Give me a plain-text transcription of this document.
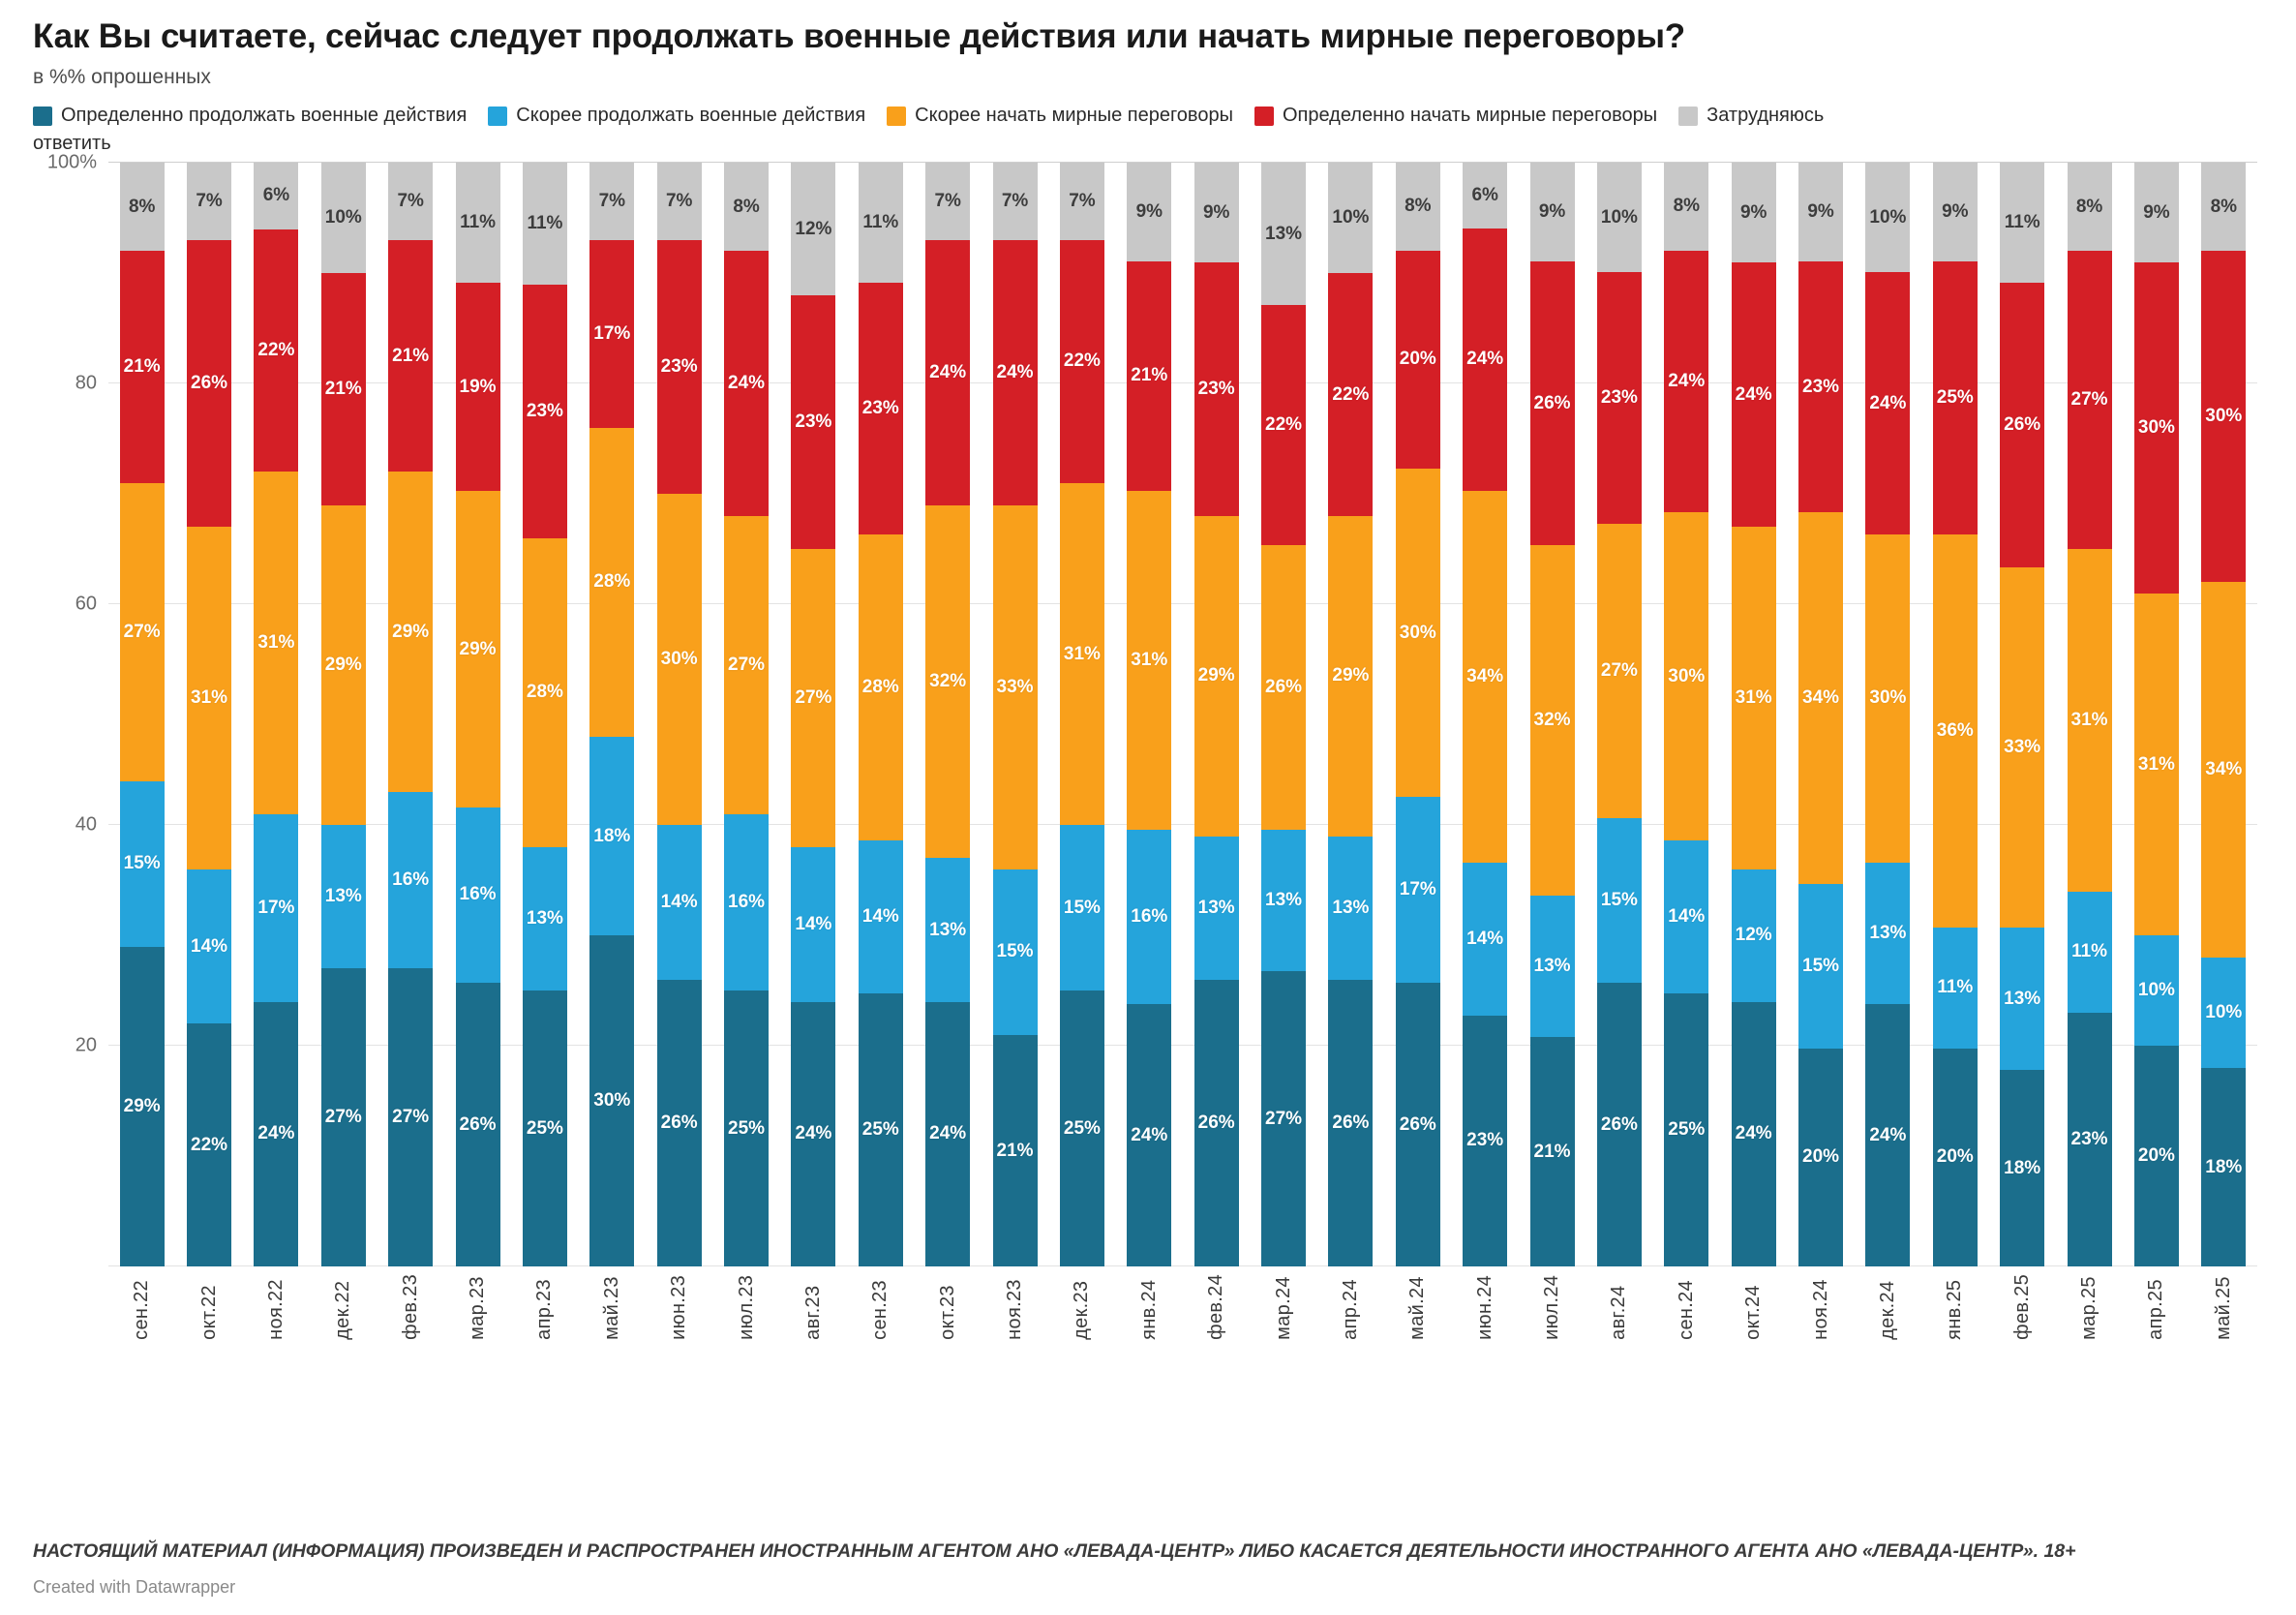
Как Вы считаете, сейчас следует продолжать военные действия или начать мирные переговоры?
в %% опрошенных
Определенно продолжать военные действия	Скорее продолжать военные действия	Скорее начать мирные переговоры	Определенно начать мирные переговоры	Затрудняюсь
ответить
8%
21%
27%
15%
29%
7%
26%
31%
14%
22%
6%
22%
31%
17%
24%
10%
21%
29%
13%
27%
7%
21%
29%
16%
27%
11%
19%
29%
16%
26%
11%
23%
28%
13%
25%
7%
17%
28%
18%
30%
7%
23%
30%
14%
26%
8%
24%
27%
16%
25%
12%
23%
27%
14%
24%
11%
23%
28%
14%
25%
7%
24%
32%
13%
24%
7%
24%
33%
15%
21%
7%
22%
31%
15%
25%
9%
21%
31%
16%
24%
9%
23%
29%
13%
26%
13%
22%
26%
13%
27%
10%
22%
29%
13%
26%
8%
20%
30%
17%
26%
6%
24%
34%
14%
23%
9%
26%
32%
13%
21%
10%
23%
27%
15%
26%
8%
24%
30%
14%
25%
9%
24%
31%
12%
24%
9%
23%
34%
15%
20%
10%
24%
30%
13%
24%
9%
25%
36%
11%
20%
11%
26%
33%
13%
18%
8%
27%
31%
11%
23%
9%
30%
31%
10%
20%
8%
30%
34%
10%
18%
20
40
60
80
100%
сен.22 окт.22 ноя.22 дек.22 фев.23 мар.23 апр.23 май.23 июн.23 июл.23 авг.23 сен.23 окт.23 ноя.23 дек.23 янв.24 фев.24 мар.24 апр.24 май.24 июн.24 июл.24 авг.24 сен.24 окт.24 ноя.24 дек.24 янв.25 фев.25 мар.25 апр.25 май.25
НАСТОЯЩИЙ МАТЕРИАЛ (ИНФОРМАЦИЯ) ПРОИЗВЕДЕН И РАСПРОСТРАНЕН ИНОСТРАННЫМ АГЕНТОМ АНО «ЛЕВАДА-ЦЕНТР» ЛИБО КАСАЕТСЯ ДЕЯТЕЛЬНОСТИ ИНОСТРАННОГО АГЕНТА АНО «ЛЕВАДА-ЦЕНТР». 18+
Created with Datawrapper
